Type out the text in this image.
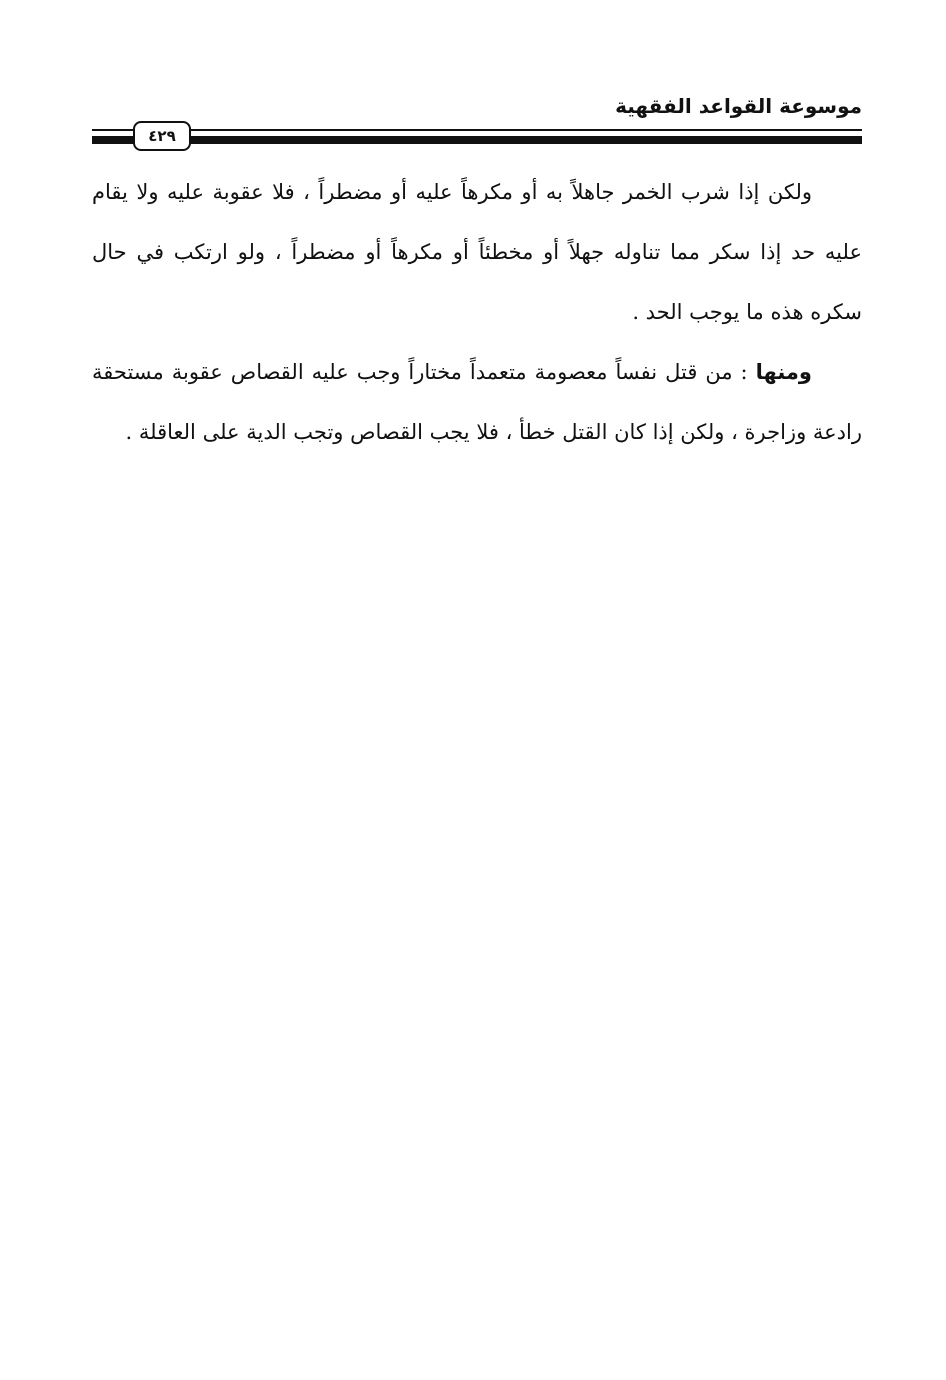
موسوعة القواعد الفقهية
٤٢٩

ولكن إذا شرب الخمر جاهلاً به أو مكرهاً عليه أو مضطراً ، فلا عقوبة عليه ولا يقام عليه حد إذا سكر مما تناوله جهلاً أو مخطئاً أو مكرهاً أو مضطراً ، ولو ارتكب في حال سكره هذه ما يوجب الحد .

ومنها : من قتل نفساً معصومة متعمداً مختاراً وجب عليه القصاص عقوبة مستحقة رادعة وزاجرة ، ولكن إذا كان القتل خطأ ، فلا يجب القصاص وتجب الدية على العاقلة .
